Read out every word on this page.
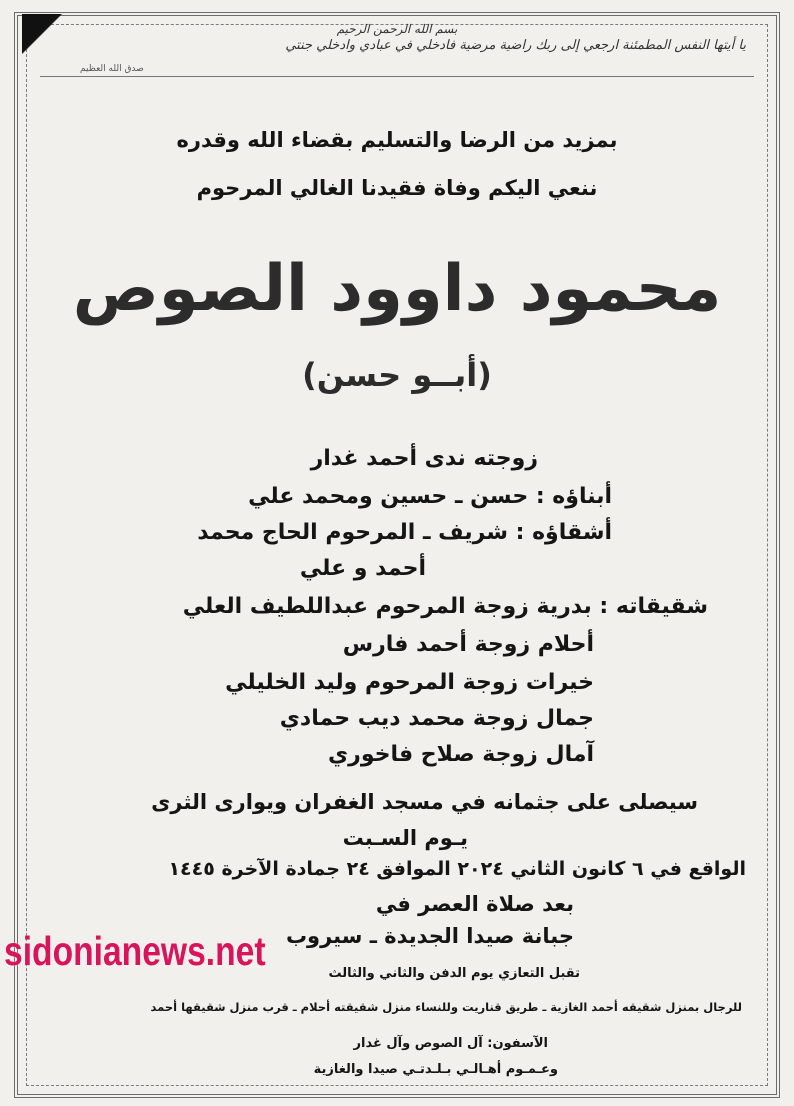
بسم الله الرحمن الرحيم
يا أيتها النفس المطمئنة ارجعي إلى ربك راضية مرضية فادخلي في عبادي وادخلي جنتي
صدق الله العظيم
بمزيد من الرضا والتسليم بقضاء الله وقدره
ننعي اليكم وفاة فقيدنا الغالي المرحوم
محمود داوود الصوص
(أبــو حسن)
زوجته ندى أحمد غدار
أبناؤه : حسن ـ حسين ومحمد علي
أشقاؤه : شريف ـ المرحوم الحاج محمد
أحمد و علي
شقيقاته : بدرية زوجة المرحوم عبداللطيف العلي
أحلام زوجة أحمد فارس
خيرات زوجة المرحوم وليد الخليلي
جمال زوجة محمد ديب حمادي
آمال زوجة صلاح فاخوري
سيصلى على جثمانه في مسجد الغفران ويوارى الثرى
يـوم السـبت
الواقع في ٦ كانون الثاني ٢٠٢٤ الموافق ٢٤ جمادة الآخرة ١٤٤٥
بعد صلاة العصر في
جبانة صيدا الجديدة ـ سيروب
تقبل التعازي يوم الدفن والثاني والثالث
للرجال بمنزل شقيقه أحمد الغازية ـ طريق قناريت وللنساء منزل شقيقته أحلام ـ قرب منزل شقيقها أحمد
الآسفون: آل الصوص وآل غدار
وعـمـوم أهـالـي بـلـدتـي صيدا والغازية
sidonianews.net
